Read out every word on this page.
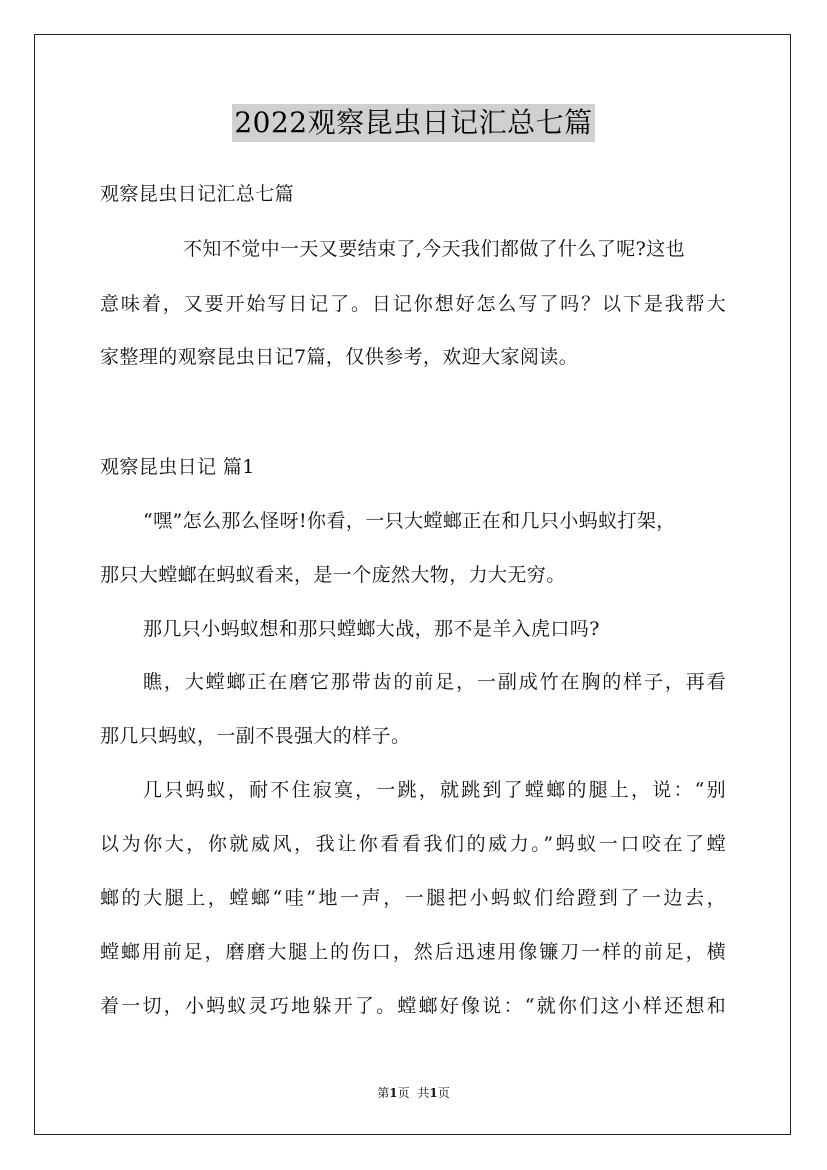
2022观察昆虫日记汇总七篇
观察昆虫日记汇总七篇
不知不觉中一天又要结束了,今天我们都做了什么了呢?这也
意味着，又要开始写日记了。日记你想好怎么写了吗？以下是我帮大
家整理的观察昆虫日记7篇，仅供参考，欢迎大家阅读。
观察昆虫日记 篇1
“嘿”怎么那么怪呀!你看，一只大螳螂正在和几只小蚂蚁打架，
那只大螳螂在蚂蚁看来，是一个庞然大物，力大无穷。
那几只小蚂蚁想和那只螳螂大战，那不是羊入虎口吗?
瞧，大螳螂正在磨它那带齿的前足，一副成竹在胸的样子，再看
那几只蚂蚁，一副不畏强大的样子。
几只蚂蚁，耐不住寂寞，一跳，就跳到了螳螂的腿上，说：“别
以为你大，你就威风，我让你看看我们的威力。”蚂蚁一口咬在了螳
螂的大腿上，螳螂“哇”地一声，一腿把小蚂蚁们给蹬到了一边去，
螳螂用前足，磨磨大腿上的伤口，然后迅速用像镰刀一样的前足，横
着一切，小蚂蚁灵巧地躲开了。螳螂好像说：“就你们这小样还想和
第1页 共1页
